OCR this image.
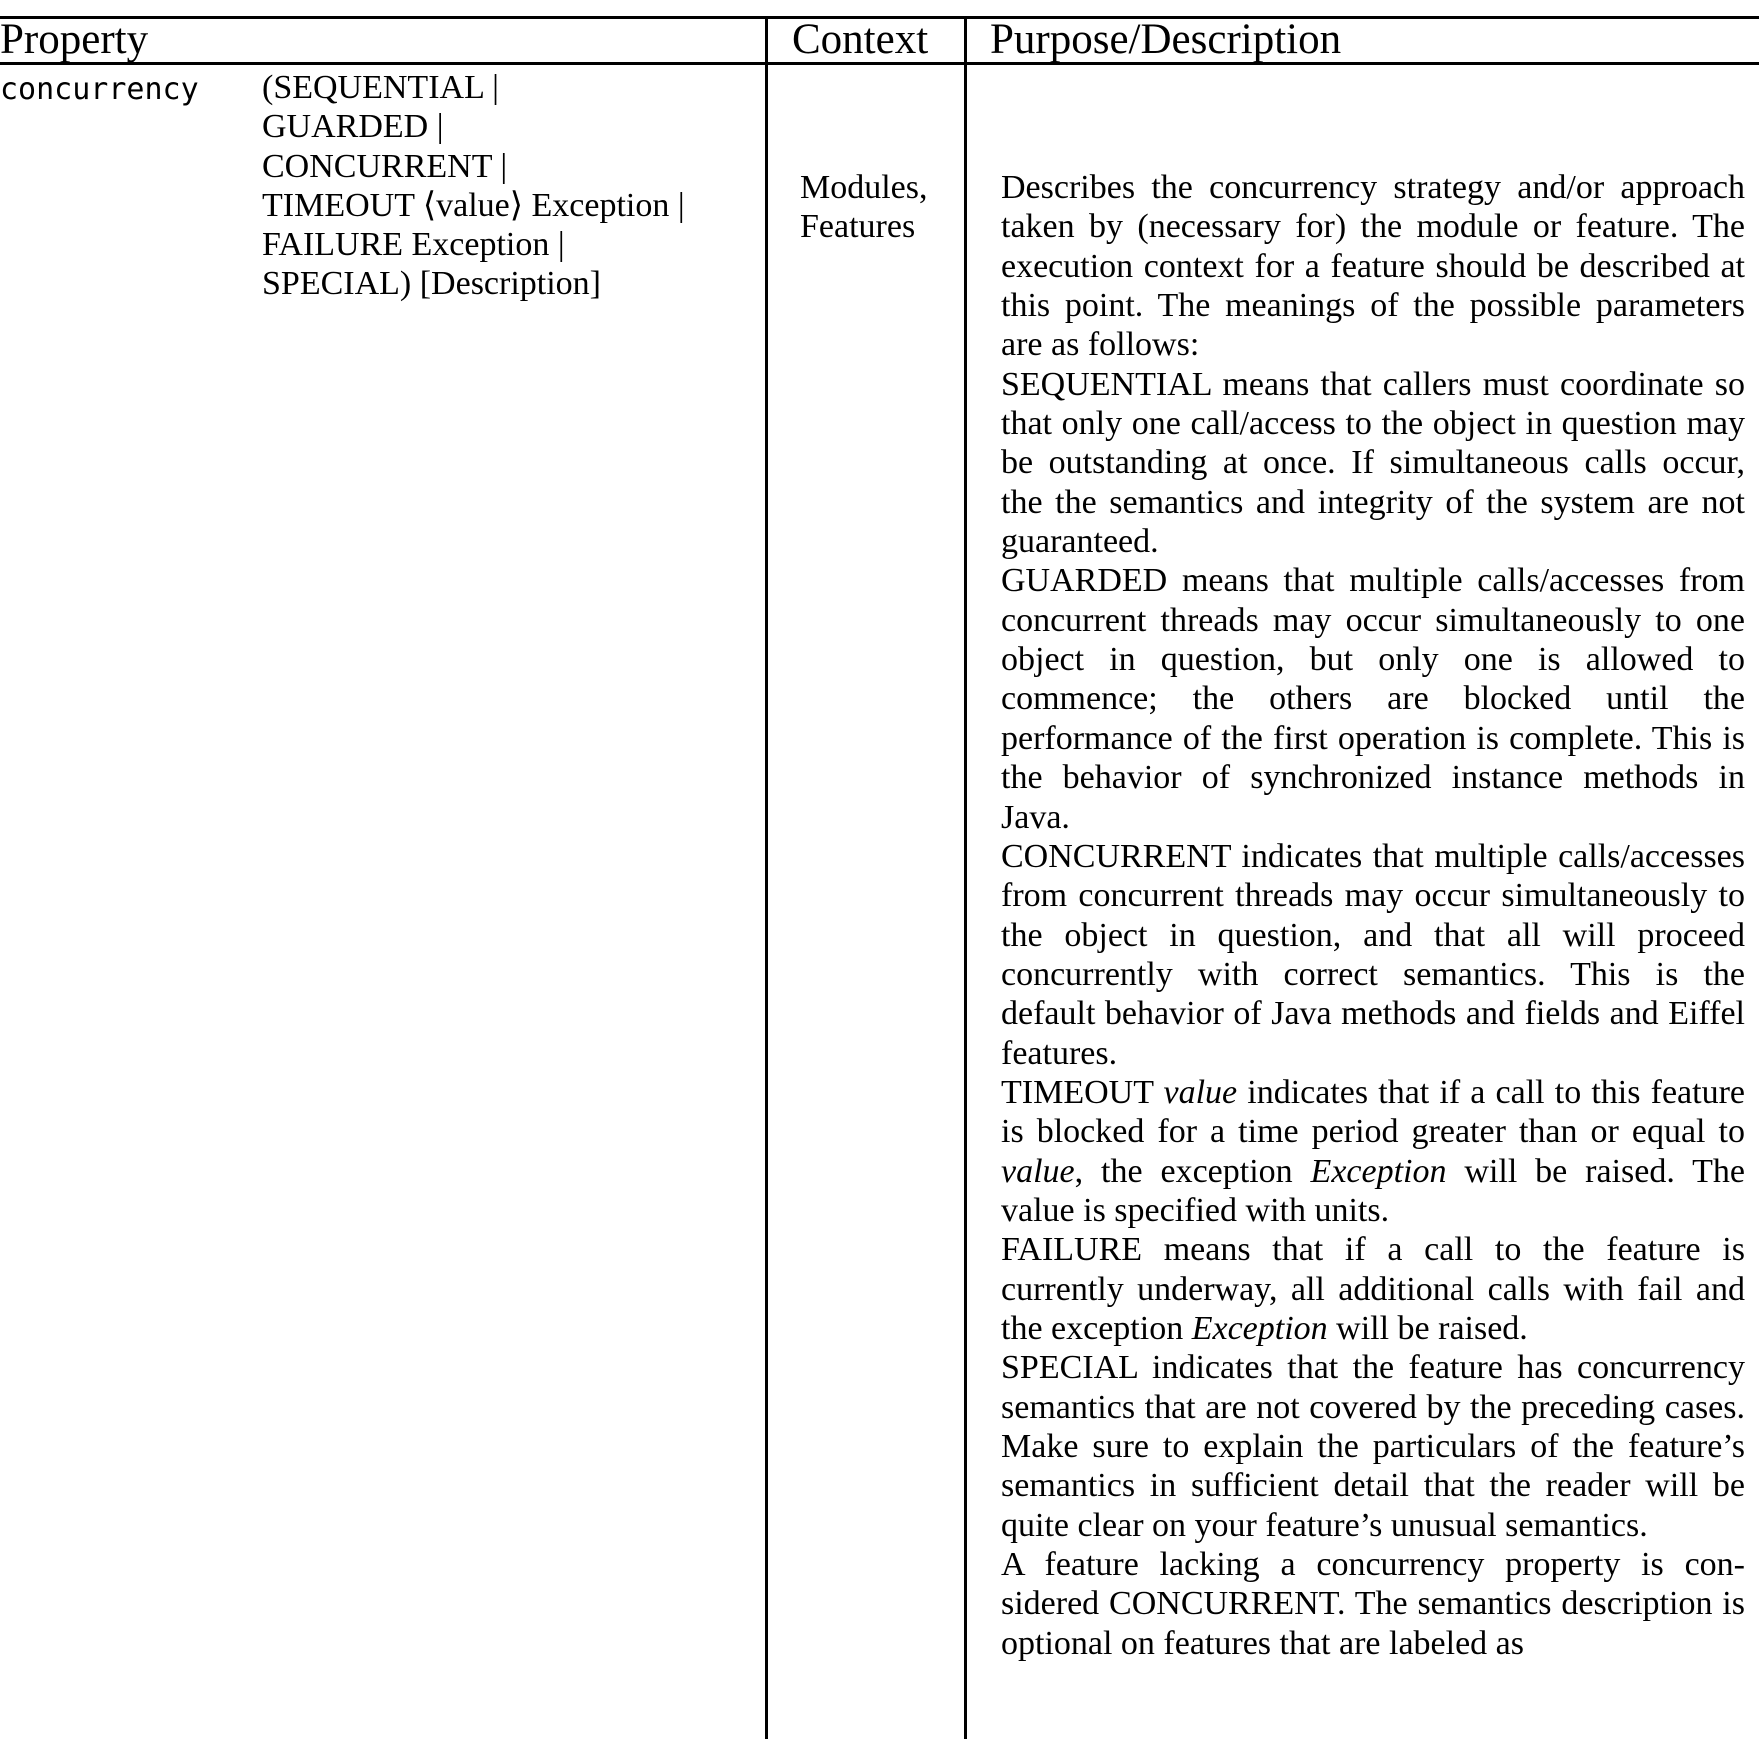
Property	Context Purpose/Description
concurrency (SEQUENTIAL |
GUARDED |
CONCURRENT |
TIMEOUT ⟨value⟩ Exception |
FAILURE Exception |
SPECIAL) [Description]
Modules,
Features

Describes the concurrency strategy and/or approach taken by (necessary for) the module or feature. The execution context for a feature should be described at this point. The meanings of the possible parameters are as follows:

SEQUENTIAL means that callers must coordinate so that only one call/access to the object in question may be outstanding at once. If simultaneous calls occur, the the semantics and integrity of the system are not guaranteed.

GUARDED means that multiple calls/accesses from concurrent threads may occur simultaneously to one object in question, but only one is allowed to commence; the others are blocked until the performance of the first operation is complete. This is the behavior of synchronized instance methods in Java.

CONCURRENT indicates that multiple calls/accesses from concurrent threads may occur simultaneously to the object in question, and that all will proceed concurrently with correct semantics. This is the default behavior of Java methods and fields and Eiffel features.

TIMEOUT value indicates that if a call to this feature is blocked for a time period greater than or equal to value, the exception Exception will be raised. The value is specified with units.

FAILURE means that if a call to the feature is currently underway, all additional calls with fail and the exception Exception will be raised.

SPECIAL indicates that the feature has concurrency semantics that are not covered by the preceding cases. Make sure to explain the particulars of the feature’s semantics in sufficient detail that the reader will be quite clear on your feature’s unusual semantics.

A feature lacking a concurrency property is considered CONCURRENT. The semantics description is optional on features that are labeled as
